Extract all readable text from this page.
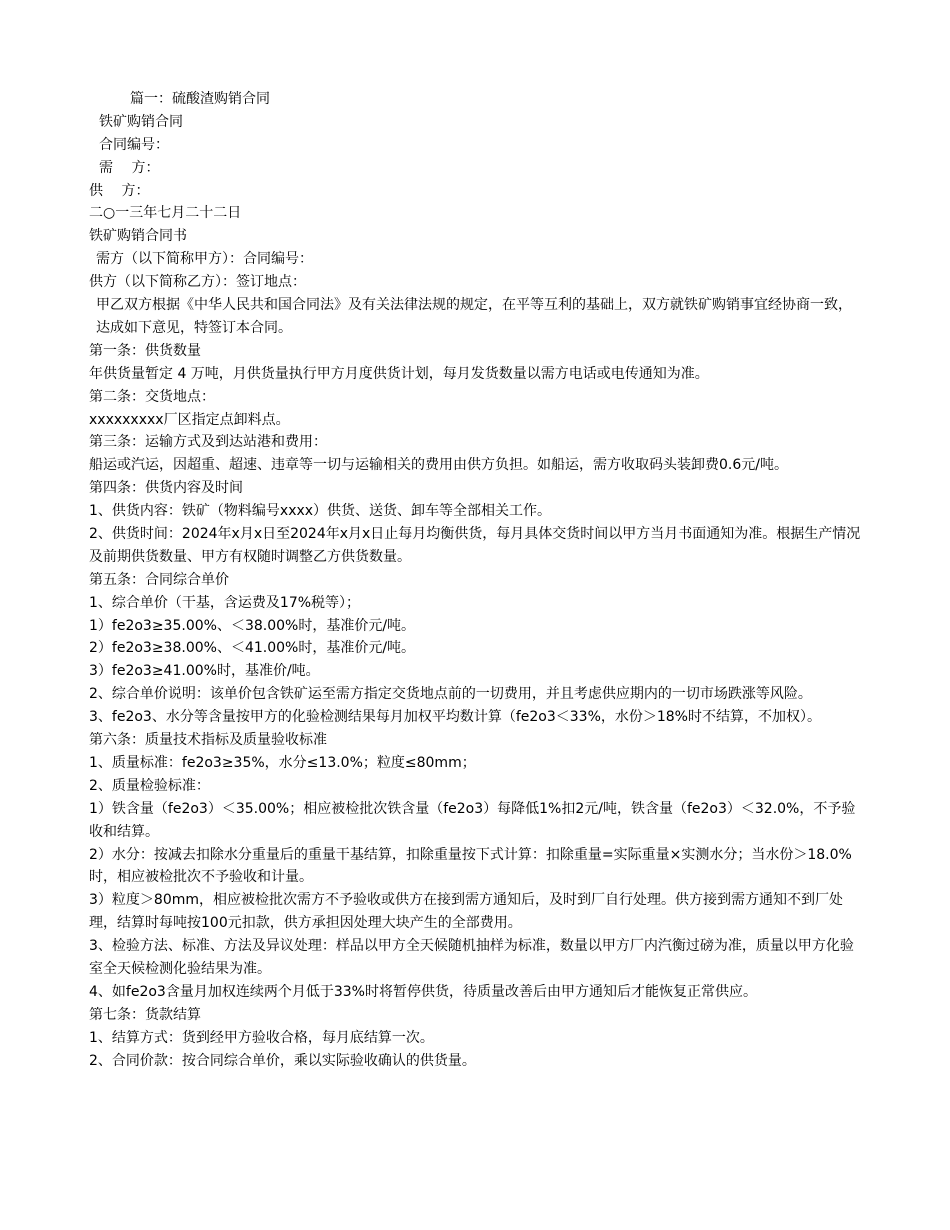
篇一：硫酸渣购销合同
铁矿购销合同
合同编号：
需　 方：
供　 方：
二○一三年七月二十二日
铁矿购销合同书
需方（以下简称甲方）：合同编号：
供方（以下简称乙方）：签订地点：
甲乙双方根据《中华人民共和国合同法》及有关法律法规的规定，在平等互利的基础上，双方就铁矿购销事宜经协商一致，达成如下意见，特签订本合同。
第一条：供货数量
年供货量暂定 4 万吨，月供货量执行甲方月度供货计划，每月发货数量以需方电话或电传通知为准。
第二条：交货地点：
xxxxxxxxx厂区指定点卸料点。
第三条：运输方式及到达站港和费用：
船运或汽运，因超重、超速、违章等一切与运输相关的费用由供方负担。如船运，需方收取码头装卸费0.6元/吨。
第四条：供货内容及时间
1、供货内容：铁矿（物料编号xxxx）供货、送货、卸车等全部相关工作。
2、供货时间：2024年x月x日至2024年x月x日止每月均衡供货，每月具体交货时间以甲方当月书面通知为准。根据生产情况及前期供货数量、甲方有权随时调整乙方供货数量。
第五条：合同综合单价
1、综合单价（干基，含运费及17%税等）；
1）fe2o3≥35.00%、＜38.00%时，基准价元/吨。
2）fe2o3≥38.00%、＜41.00%时，基准价元/吨。
3）fe2o3≥41.00%时，基准价/吨。
2、综合单价说明：该单价包含铁矿运至需方指定交货地点前的一切费用，并且考虑供应期内的一切市场跌涨等风险。
3、fe2o3、水分等含量按甲方的化验检测结果每月加权平均数计算（fe2o3＜33%，水份＞18%时不结算，不加权）。
第六条：质量技术指标及质量验收标准
1、质量标准：fe2o3≥35%，水分≤13.0%；粒度≤80mm；
2、质量检验标准：
1）铁含量（fe2o3）＜35.00%；相应被检批次铁含量（fe2o3）每降低1%扣2元/吨，铁含量（fe2o3）＜32.0%，不予验收和结算。
2）水分：按减去扣除水分重量后的重量干基结算，扣除重量按下式计算：扣除重量=实际重量×实测水分；当水份＞18.0%时，相应被检批次不予验收和计量。
3）粒度＞80mm，相应被检批次需方不予验收或供方在接到需方通知后，及时到厂自行处理。供方接到需方通知不到厂处理，结算时每吨按100元扣款，供方承担因处理大块产生的全部费用。
3、检验方法、标准、方法及异议处理：样品以甲方全天候随机抽样为标准，数量以甲方厂内汽衡过磅为准，质量以甲方化验室全天候检测化验结果为准。
4、如fe2o3含量月加权连续两个月低于33%时将暂停供货，待质量改善后由甲方通知后才能恢复正常供应。
第七条：货款结算
1、结算方式：货到经甲方验收合格，每月底结算一次。
2、合同价款：按合同综合单价，乘以实际验收确认的供货量。
